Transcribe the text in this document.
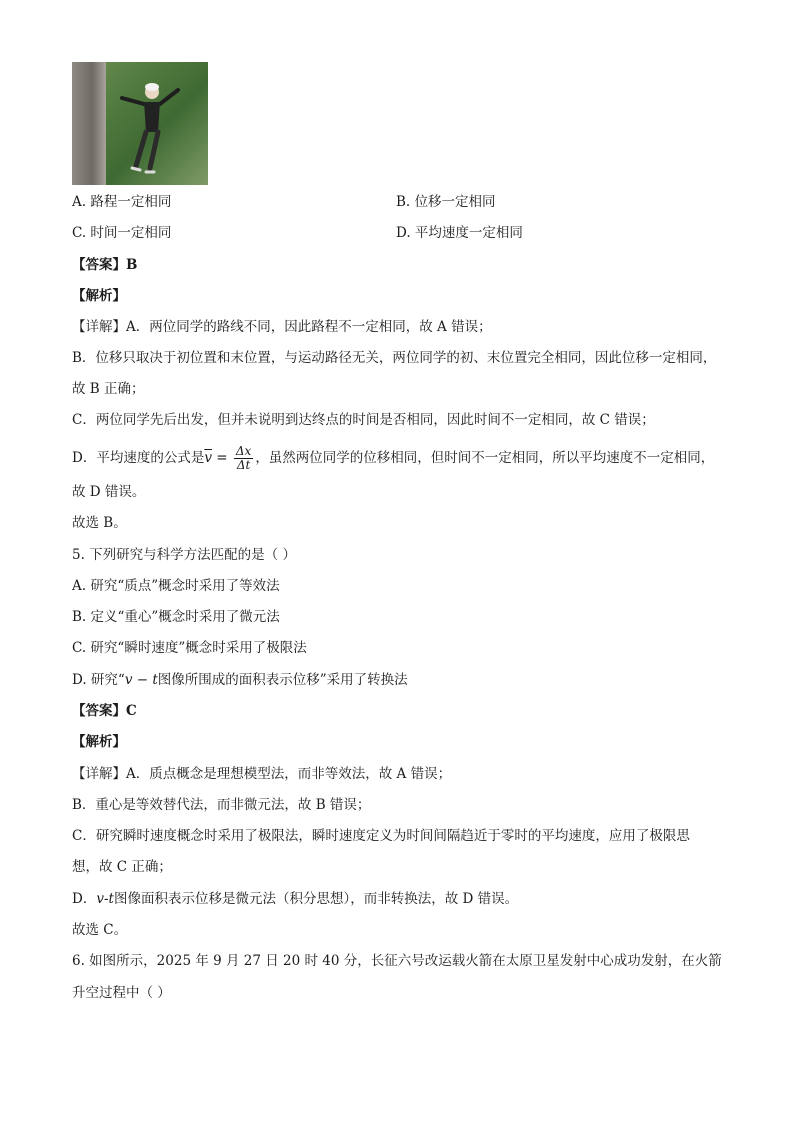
A. 路程一定相同	B. 位移一定相同
C. 时间一定相同	D. 平均速度一定相同
【答案】B
【解析】
【详解】A．两位同学的路线不同，因此路程不一定相同，故 A 错误；
B．位移只取决于初位置和末位置，与运动路径无关，两位同学的初、末位置完全相同，因此位移一定相同，
故 B 正确；
C．两位同学先后出发，但并未说明到达终点的时间是否相同，因此时间不一定相同，故 C 错误；
D．平均速度的公式是$\overline{v} = \frac{\Delta x}{\Delta t}$ ，虽然两位同学的位移相同，但时间不一定相同，所以平均速度不一定相同，
故 D 错误。
故选 B。
5. 下列研究与科学方法匹配的是（ ）
A. 研究“质点”概念时采用了等效法
B. 定义“重心”概念时采用了微元法
C. 研究“瞬时速度”概念时采用了极限法
D. 研究“v − t图像所围成的面积表示位移”采用了转换法
【答案】C
【解析】
【详解】A．质点概念是理想模型法，而非等效法，故 A 错误；
B．重心是等效替代法，而非微元法，故 B 错误；
C．研究瞬时速度概念时采用了极限法，瞬时速度定义为时间间隔趋近于零时的平均速度，应用了极限思
想，故 C 正确；
D．v-t图像面积表示位移是微元法（积分思想），而非转换法，故 D 错误。
故选 C。
6. 如图所示，2025 年 9 月 27 日 20 时 40 分，长征六号改运载火箭在太原卫星发射中心成功发射，在火箭
升空过程中（ ）
